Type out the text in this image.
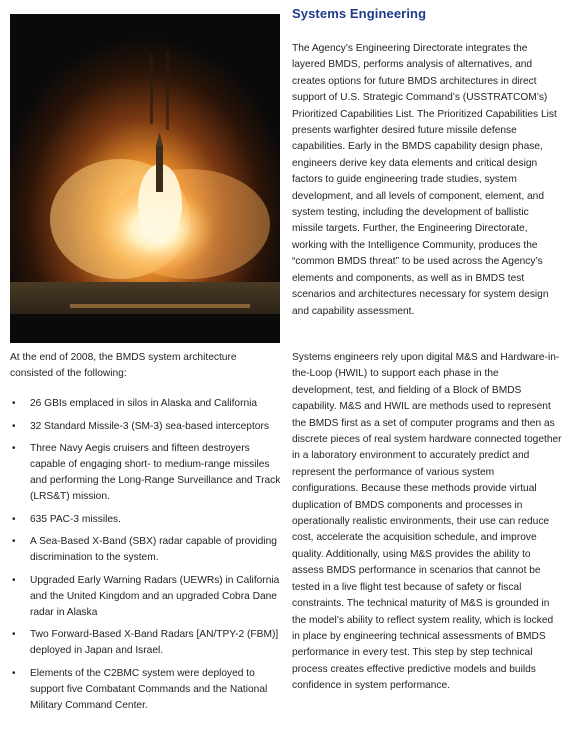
Systems Engineering

The Agency’s Engineering Directorate integrates the layered BMDS, performs analysis of alternatives, and creates options for future BMDS architectures in direct support of U.S. Strategic Command’s (USSTRATCOM’s) Prioritized Capabilities List. The Prioritized Capabilities List presents warfighter desired future missile defense capabilities. Early in the BMDS capability design phase, engineers derive key data elements and critical design factors to guide engineering trade studies, system development, and all levels of component, element, and system testing, including the development of ballistic missile targets. Further, the Engineering Directorate, working with the Intelligence Community, produces the “common BMDS threat” to be used across the Agency’s elements and components, as well as in BMDS test scenarios and architectures necessary for system design and capability assessment.

At the end of 2008, the BMDS system architecture consisted of the following:

• 26 GBIs emplaced in silos in Alaska and California
• 32 Standard Missile-3 (SM-3) sea-based interceptors
• Three Navy Aegis cruisers and fifteen destroyers capable of engaging short- to medium-range missiles and performing the Long-Range Surveillance and Track (LRS&T) mission.
• 635 PAC-3 missiles.
• A Sea-Based X-Band (SBX) radar capable of providing discrimination to the system.
• Upgraded Early Warning Radars (UEWRs) in California and the United Kingdom and an upgraded Cobra Dane radar in Alaska
• Two Forward-Based X-Band Radars [AN/TPY-2 (FBM)] deployed in Japan and Israel.
• Elements of the C2BMC system were deployed to support five Combatant Commands and the National Military Command Center.

Systems engineers rely upon digital M&S and Hardware-in-the-Loop (HWIL) to support each phase in the development, test, and fielding of a Block of BMDS capability. M&S and HWIL are methods used to represent the BMDS first as a set of computer programs and then as discrete pieces of real system hardware connected together in a laboratory environment to accurately predict and represent the performance of various system configurations. Because these methods provide virtual duplication of BMDS components and processes in operationally realistic environments, their use can reduce cost, accelerate the acquisition schedule, and improve quality. Additionally, using M&S provides the ability to assess BMDS performance in scenarios that cannot be tested in a live flight test because of safety or fiscal constraints. The technical maturity of M&S is grounded in the model’s ability to reflect system reality, which is locked in place by engineering technical assessments of BMDS performance in every test. This step by step technical process creates effective predictive models and builds confidence in system performance.
